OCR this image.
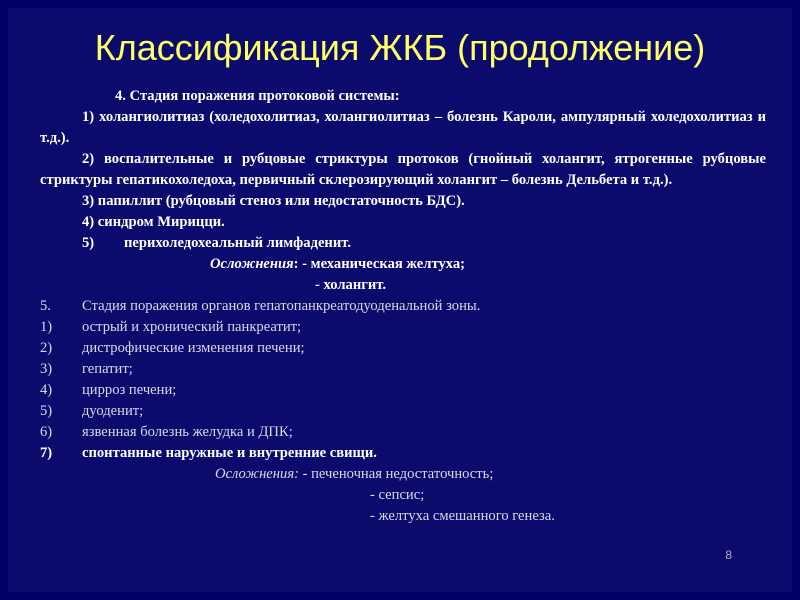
Классификация ЖКБ (продолжение)

4. Стадия поражения протоковой системы:

1) холангиолитиаз (холедохолитиаз, холангиолитиаз – болезнь Кароли, ампулярный холедохолитиаз и т.д.).

2) воспалительные и рубцовые стриктуры протоков (гнойный холангит, ятрогенные рубцовые стриктуры гепатикохоледоха, первичный склерозирующий холангит – болезнь Дельбета и т.д.).

3) папиллит (рубцовый стеноз или недостаточность БДС).

4) синдром Мирицци.

5) перихоледохеальный лимфаденит.

Осложнения: - механическая желтуха;

- холангит.

5. Стадия поражения органов гепатопанкреатодуоденальной зоны.

1) острый и хронический панкреатит;

2) дистрофические изменения печени;

3) гепатит;

4) цирроз печени;

5) дуоденит;

6) язвенная болезнь желудка и ДПК;

7) спонтанные наружные и внутренние свищи.

Осложнения: - печеночная недостаточность;

- сепсис;

- желтуха смешанного генеза.

8
